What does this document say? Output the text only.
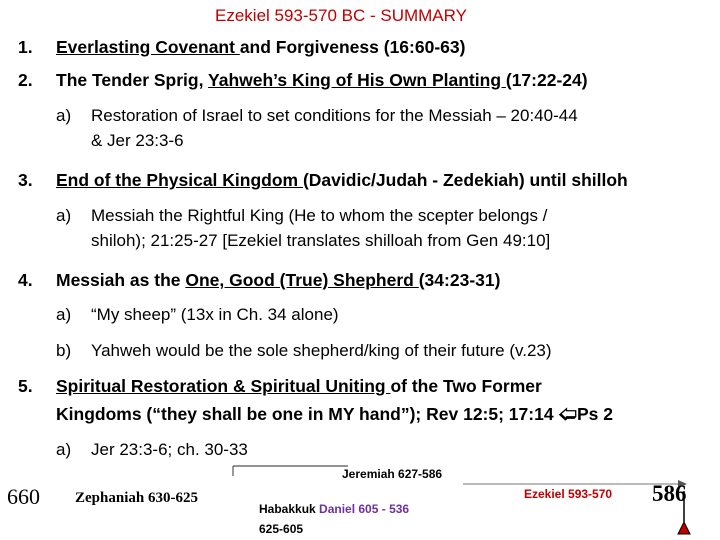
Ezekiel 593-570 BC - SUMMARY
1. Everlasting Covenant and Forgiveness (16:60-63)
2. The Tender Sprig, Yahweh’s King of His Own Planting (17:22-24)
a) Restoration of Israel to set conditions for the Messiah – 20:40-44
& Jer 23:3-6
3. End of the Physical Kingdom (Davidic/Judah - Zedekiah) until shilloh
a) Messiah the Rightful King (He to whom the scepter belongs /
shiloh); 21:25-27 [Ezekiel translates shilloah from Gen 49:10]
4. Messiah as the One, Good (True) Shepherd (34:23-31)
a) “My sheep” (13x in Ch. 34 alone)
b) Yahweh would be the sole shepherd/king of their future (v.23)
5. Spiritual Restoration & Spiritual Uniting of the Two Former
Kingdoms (“they shall be one in MY hand”); Rev 12:5; 17:14 🢠Ps 2
a) Jer 23:3-6; ch. 30-33
660 Zephaniah 630-625
Jeremiah 627-586
Habakkuk Daniel 605 - 536
625-605
Ezekiel 593-570 586
